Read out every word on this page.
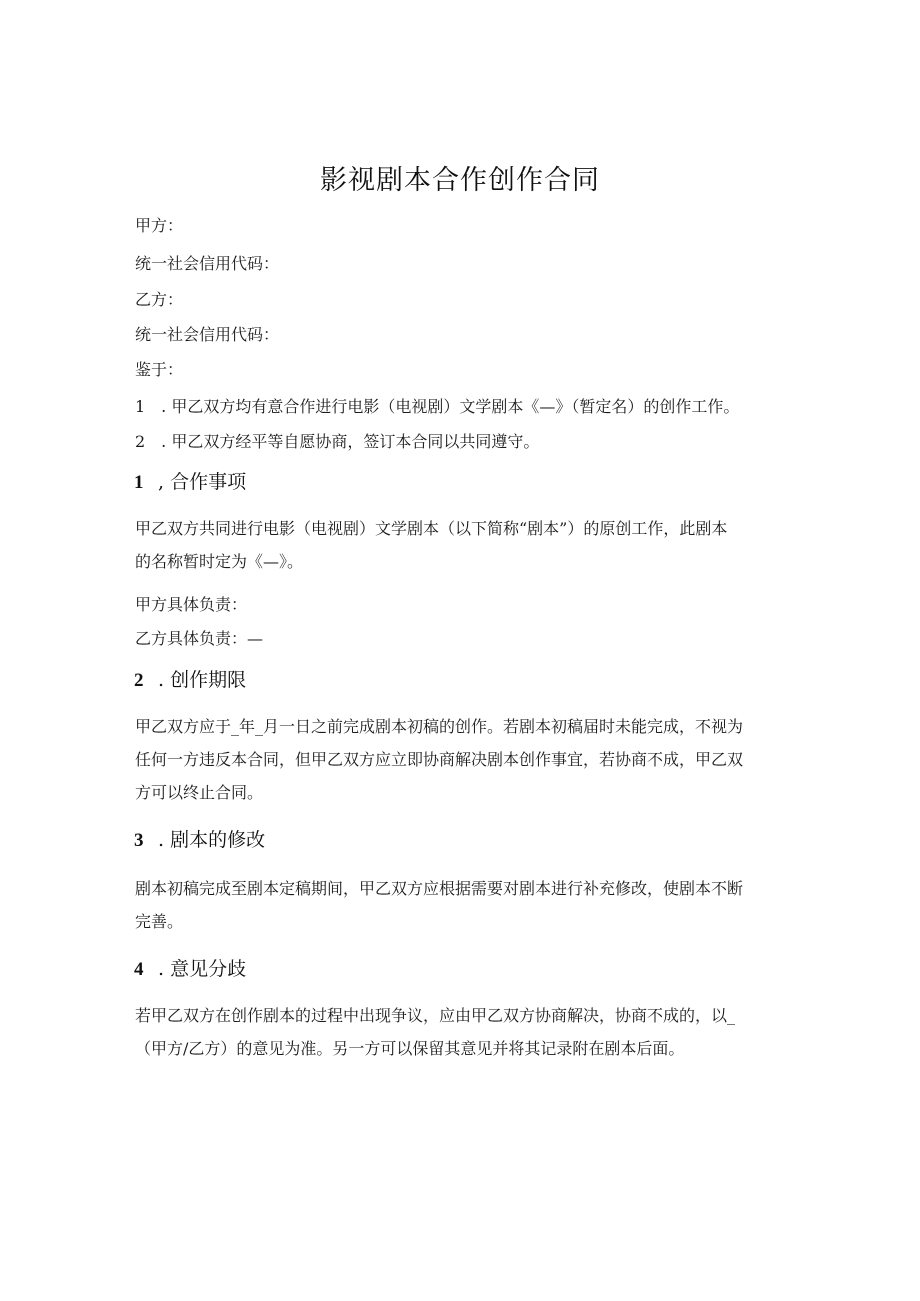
影视剧本合作创作合同
甲方：
统一社会信用代码：
乙方：
统一社会信用代码：
鉴于：
1　. 甲乙双方均有意合作进行电影（电视剧）文学剧本《—》（暂定名）的创作工作。
2　. 甲乙双方经平等自愿协商，签订本合同以共同遵守。
1 , 合作事项
甲乙双方共同进行电影（电视剧）文学剧本（以下简称“剧本”）的原创工作，此剧本
的名称暂时定为《—》。
甲方具体负责：
乙方具体负责：—
2 . 创作期限
甲乙双方应于_年_月一日之前完成剧本初稿的创作。若剧本初稿届时未能完成，不视为
任何一方违反本合同，但甲乙双方应立即协商解决剧本创作事宜，若协商不成，甲乙双
方可以终止合同。
3 . 剧本的修改
剧本初稿完成至剧本定稿期间，甲乙双方应根据需要对剧本进行补充修改，使剧本不断
完善。
4 . 意见分歧
若甲乙双方在创作剧本的过程中出现争议，应由甲乙双方协商解决，协商不成的，以_
（甲方/乙方）的意见为准。另一方可以保留其意见并将其记录附在剧本后面。
